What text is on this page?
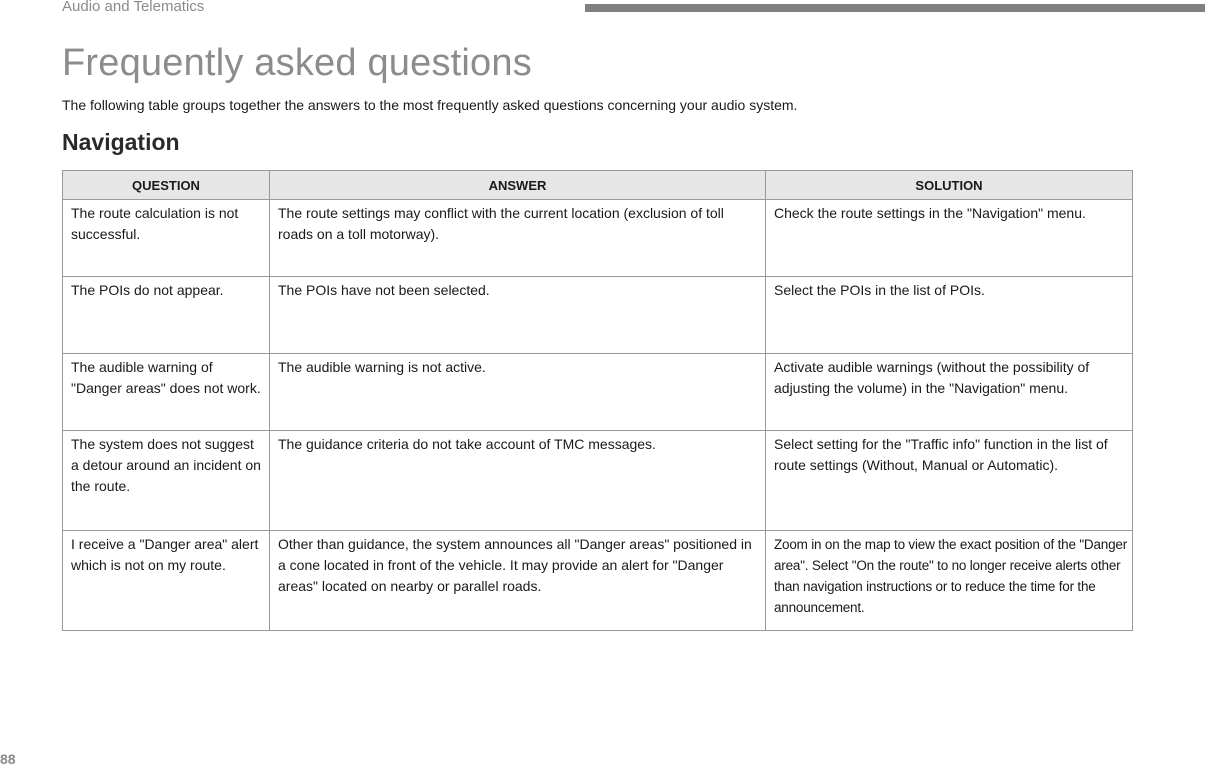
Audio and Telematics
Frequently asked questions

The following table groups together the answers to the most frequently asked questions concerning your audio system.

Navigation
QUESTION	ANSWER	SOLUTION
The route calculation is not successful.	The route settings may conflict with the current location (exclusion of toll roads on a toll motorway).	Check the route settings in the "Navigation" menu.
The POIs do not appear.	The POIs have not been selected.	Select the POIs in the list of POIs.
The audible warning of "Danger areas" does not work.	The audible warning is not active.	Activate audible warnings (without the possibility of adjusting the volume) in the "Navigation" menu.
The system does not suggest a detour around an incident on the route.	The guidance criteria do not take account of TMC messages.	Select setting for the "Traffic info" function in the list of route settings (Without, Manual or Automatic).
I receive a "Danger area" alert which is not on my route.	Other than guidance, the system announces all "Danger areas" positioned in a cone located in front of the vehicle. It may provide an alert for "Danger areas" located on nearby or parallel roads.	Zoom in on the map to view the exact position of the "Danger area". Select "On the route" to no longer receive alerts other than navigation instructions or to reduce the time for the announcement.
88
